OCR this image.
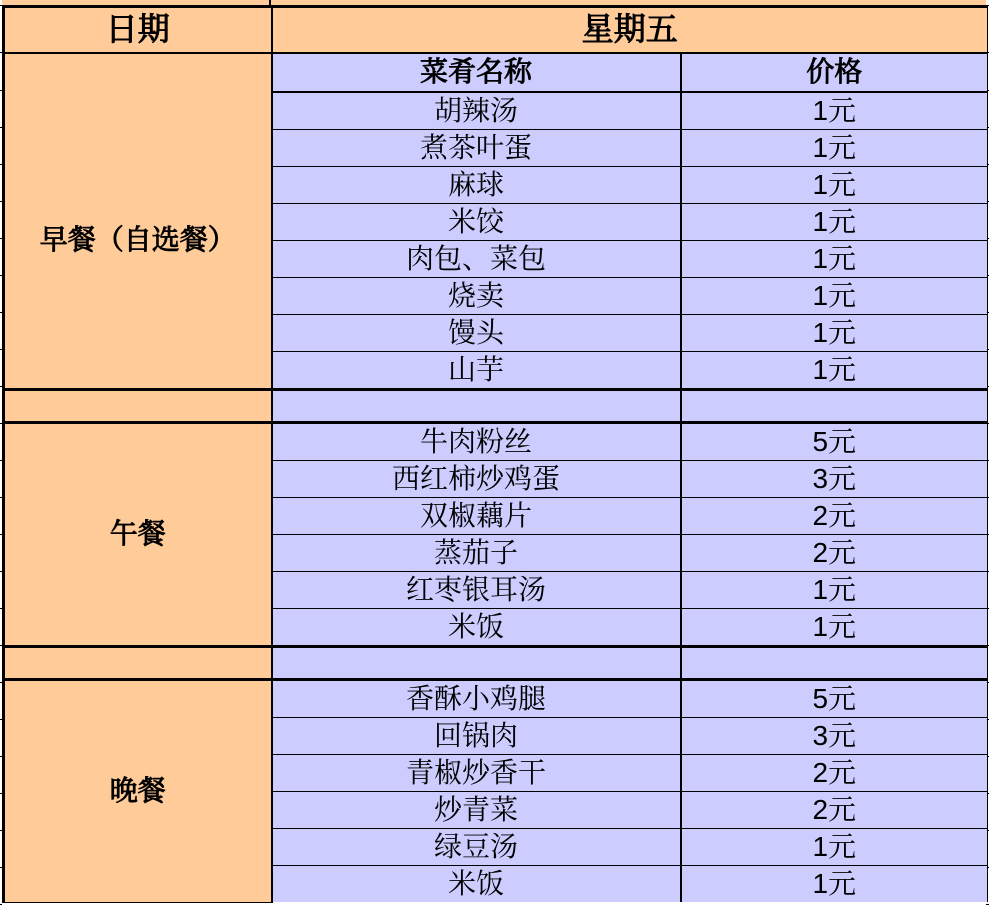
日期	星期五	
	菜肴名称	价格
早餐（自选餐）	胡辣汤	1元
	煮茶叶蛋	1元
	麻球	1元
	米饺	1元
	肉包、菜包	1元
	烧卖	1元
	馒头	1元
	山芋	1元

午餐	牛肉粉丝	5元
	西红柿炒鸡蛋	3元
	双椒藕片	2元
	蒸茄子	2元
	红枣银耳汤	1元
	米饭	1元

晚餐	香酥小鸡腿	5元
	回锅肉	3元
	青椒炒香干	2元
	炒青菜	2元
	绿豆汤	1元
	米饭	1元
